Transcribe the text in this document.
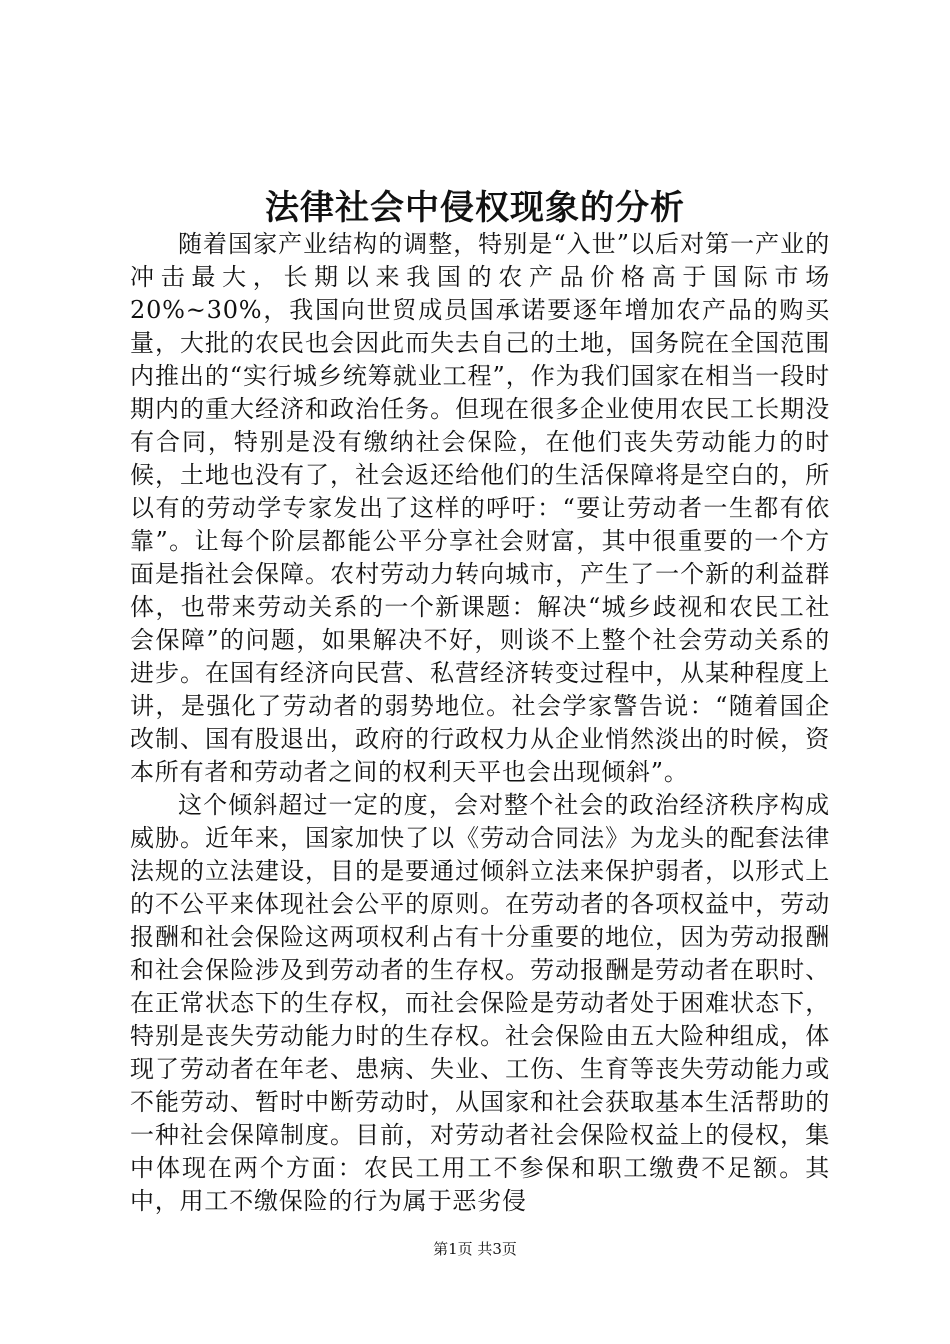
法律社会中侵权现象的分析

随着国家产业结构的调整，特别是“入世”以后对第一产业的冲击最大，长期以来我国的农产品价格高于国际市场20%~30%，我国向世贸成员国承诺要逐年增加农产品的购买量，大批的农民也会因此而失去自己的土地，国务院在全国范围内推出的“实行城乡统筹就业工程”，作为我们国家在相当一段时期内的重大经济和政治任务。但现在很多企业使用农民工长期没有合同，特别是没有缴纳社会保险，在他们丧失劳动能力的时候，土地也没有了，社会返还给他们的生活保障将是空白的，所以有的劳动学专家发出了这样的呼吁：“要让劳动者一生都有依靠”。让每个阶层都能公平分享社会财富，其中很重要的一个方面是指社会保障。农村劳动力转向城市，产生了一个新的利益群体，也带来劳动关系的一个新课题：解决“城乡歧视和农民工社会保障”的问题，如果解决不好，则谈不上整个社会劳动关系的进步。在国有经济向民营、私营经济转变过程中，从某种程度上讲，是强化了劳动者的弱势地位。社会学家警告说：“随着国企改制、国有股退出，政府的行政权力从企业悄然淡出的时候，资本所有者和劳动者之间的权利天平也会出现倾斜”。

这个倾斜超过一定的度，会对整个社会的政治经济秩序构成威胁。近年来，国家加快了以《劳动合同法》为龙头的配套法律法规的立法建设，目的是要通过倾斜立法来保护弱者，以形式上的不公平来体现社会公平的原则。在劳动者的各项权益中，劳动报酬和社会保险这两项权利占有十分重要的地位，因为劳动报酬和社会保险涉及到劳动者的生存权。劳动报酬是劳动者在职时、在正常状态下的生存权，而社会保险是劳动者处于困难状态下，特别是丧失劳动能力时的生存权。社会保险由五大险种组成，体现了劳动者在年老、患病、失业、工伤、生育等丧失劳动能力或不能劳动、暂时中断劳动时，从国家和社会获取基本生活帮助的一种社会保障制度。目前，对劳动者社会保险权益上的侵权，集中体现在两个方面：农民工用工不参保和职工缴费不足额。其中，用工不缴保险的行为属于恶劣侵

第1页 共3页
